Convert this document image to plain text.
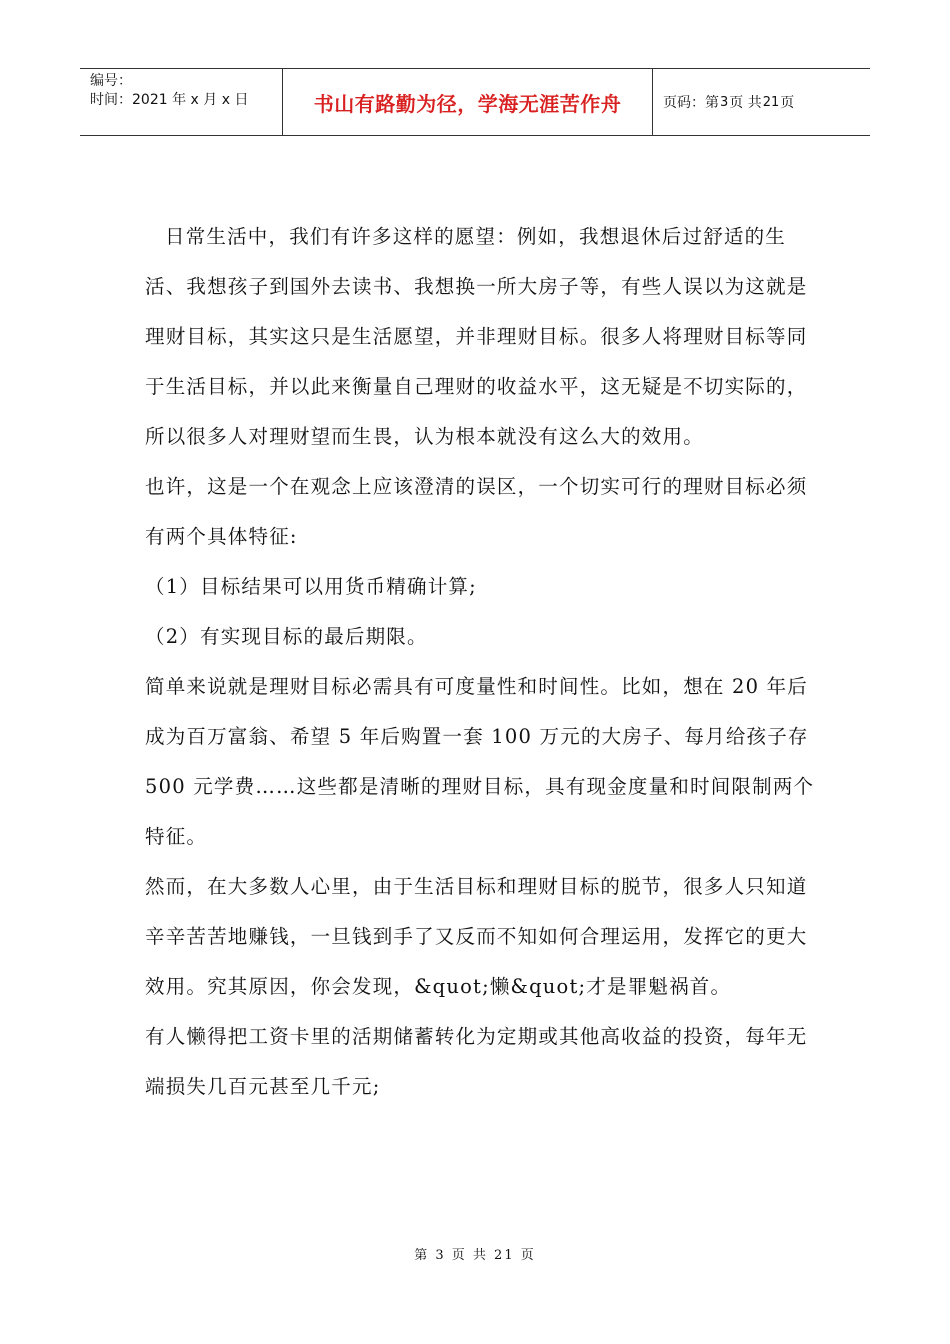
编号：
时间：2021 年 x 月 x 日	书山有路勤为径，学海无涯苦作舟	页码：第 3 页 共 21 页

日常生活中，我们有许多这样的愿望：例如，我想退休后过舒适的生活、我想孩子到国外去读书、我想换一所大房子等，有些人误以为这就是理财目标，其实这只是生活愿望，并非理财目标。很多人将理财目标等同于生活目标，并以此来衡量自己理财的收益水平，这无疑是不切实际的，所以很多人对理财望而生畏，认为根本就没有这么大的效用。

也许，这是一个在观念上应该澄清的误区，一个切实可行的理财目标必须有两个具体特征:

（1）目标结果可以用货币精确计算;

（2）有实现目标的最后期限。

简单来说就是理财目标必需具有可度量性和时间性。比如，想在 20 年后成为百万富翁、希望 5 年后购置一套 100 万元的大房子、每月给孩子存 500 元学费……这些都是清晰的理财目标，具有现金度量和时间限制两个特征。

然而，在大多数人心里，由于生活目标和理财目标的脱节，很多人只知道辛辛苦苦地赚钱，一旦钱到手了又反而不知如何合理运用，发挥它的更大效用。究其原因，你会发现，&quot;懒&quot;才是罪魁祸首。

有人懒得把工资卡里的活期储蓄转化为定期或其他高收益的投资，每年无端损失几百元甚至几千元;

第 3 页 共 21 页
